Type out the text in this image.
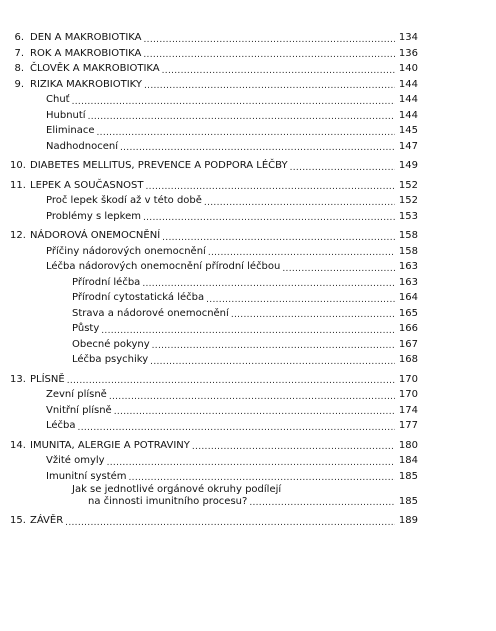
6. DEN A MAKROBIOTIKA .....	134
7. ROK A MAKROBIOTIKA .....	136
8. ČLOVĚK A MAKROBIOTIKA .....	140
9. RIZIKA MAKROBIOTIKY .....	144
Chuť .....	144
Hubnutí .....	144
Eliminace .....	145
Nadhodnocení .....	147
10. DIABETES MELLITUS, PREVENCE A PODPORA LÉČBY .....	149
11. LEPEK A SOUČASNOST .....	152
Proč lepek škodí až v této době .....	152
Problémy s lepkem .....	153
12. NÁDOROVÁ ONEMOCNĚNÍ .....	158
Příčiny nádorových onemocnění .....	158
Léčba nádorových onemocnění přírodní léčbou .....	163
Přírodní léčba .....	163
Přírodní cytostatická léčba .....	164
Strava a nádorové onemocnění .....	165
Půsty .....	166
Obecné pokyny .....	167
Léčba psychiky .....	168
13. PLÍSNĚ .....	170
Zevní plísně .....	170
Vnitřní plísně .....	174
Léčba .....	177
14. IMUNITA, ALERGIE A POTRAVINY .....	180
Vžité omyly .....	184
Imunitní systém .....	185
Jak se jednotlivé orgánové okruhy podílejí
na činnosti imunitního procesu? .....	185
15. ZÁVĚR .....	189
